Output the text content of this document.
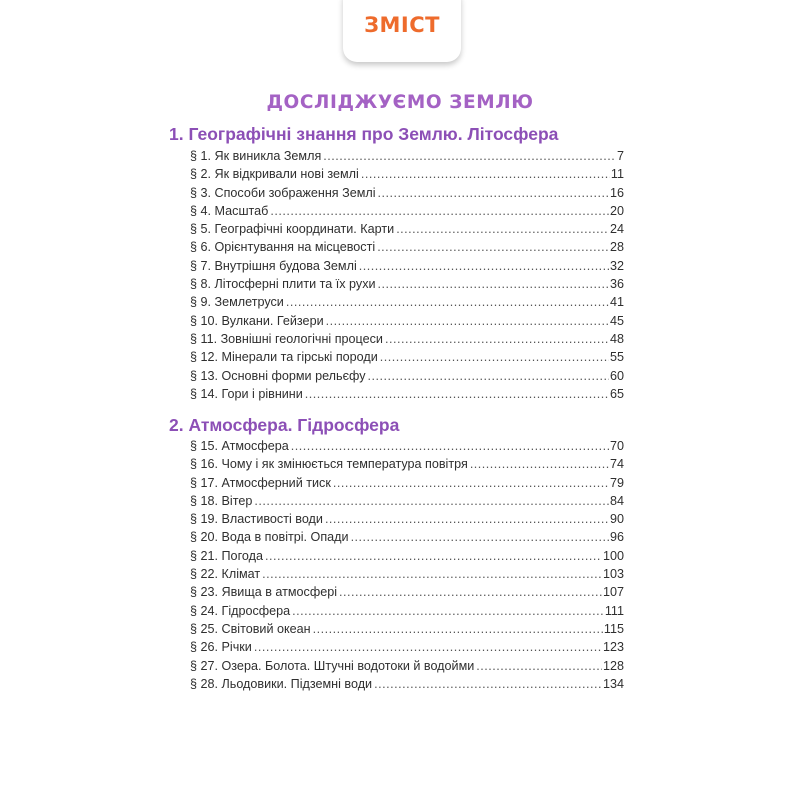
ЗМІСТ
ДОСЛІДЖУЄМО ЗЕМЛЮ
1. Географічні знання про Землю. Літосфера
§ 1. Як виникла Земля .....	7
§ 2. Як відкривали нові землі .....	11
§ 3. Способи зображення Землі .....	16
§ 4. Масштаб .....	20
§ 5. Географічні координати. Карти .....	24
§ 6. Орієнтування на місцевості .....	28
§ 7. Внутрішня будова Землі .....	32
§ 8. Літосферні плити та їх рухи .....	36
§ 9. Землетруси .....	41
§ 10. Вулкани. Гейзери .....	45
§ 11. Зовнішні геологічні процеси .....	48
§ 12. Мінерали та гірські породи .....	55
§ 13. Основні форми рельєфу .....	60
§ 14. Гори і рівнини .....	65
2. Атмосфера. Гідросфера
§ 15. Атмосфера .....	70
§ 16. Чому і як змінюється температура повітря .....	74
§ 17. Атмосферний тиск .....	79
§ 18. Вітер .....	84
§ 19. Властивості води .....	90
§ 20. Вода в повітрі. Опади .....	96
§ 21. Погода .....	100
§ 22. Клімат .....	103
§ 23. Явища в атмосфері .....	107
§ 24. Гідросфера .....	111
§ 25. Світовий океан .....	115
§ 26. Річки .....	123
§ 27. Озера. Болота. Штучні водотоки й водойми .....	128
§ 28. Льодовики. Підземні води .....	134
